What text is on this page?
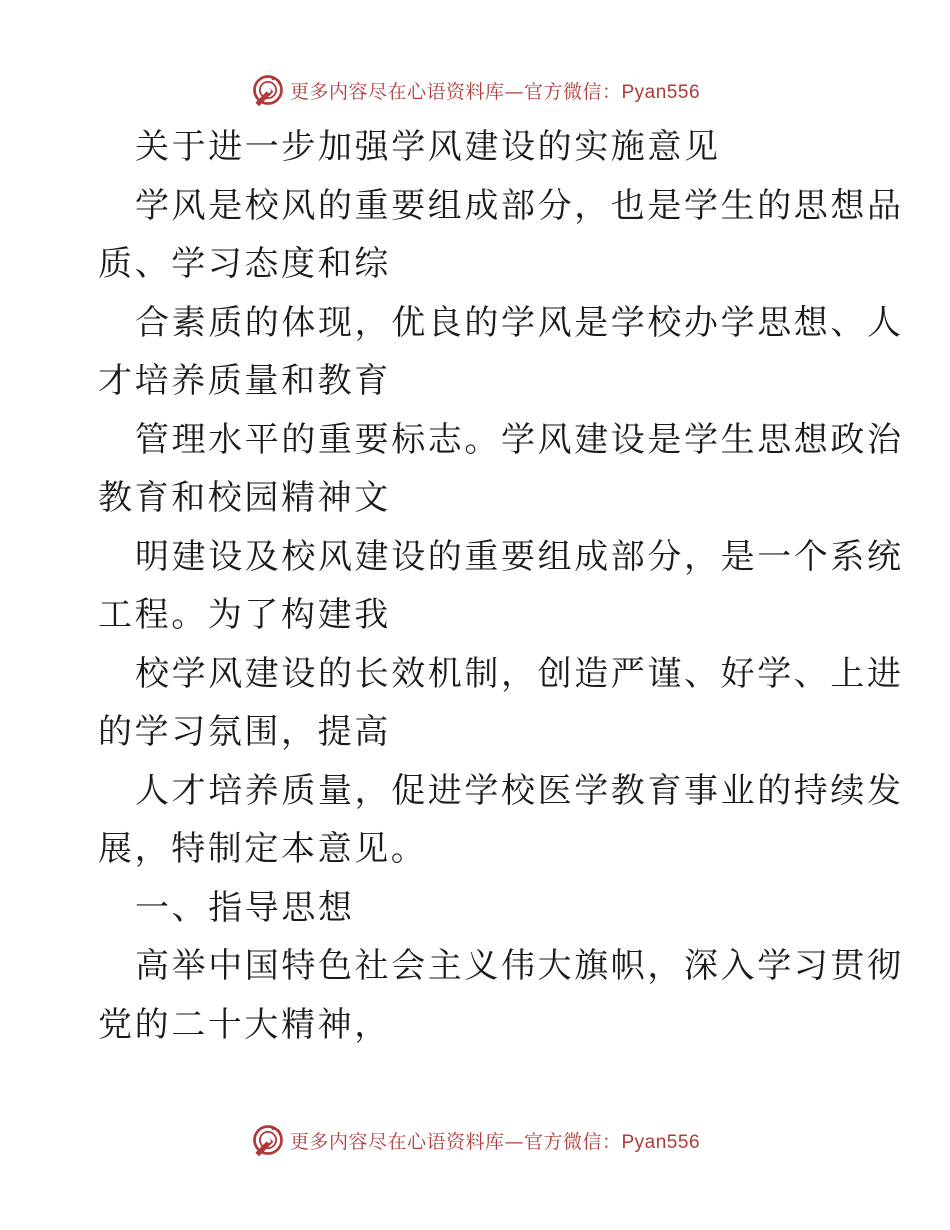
更多内容尽在心语资料库—官方微信：Pyan556
关于进一步加强学风建设的实施意见
学风是校风的重要组成部分，也是学生的思想品
质、学习态度和综
合素质的体现，优良的学风是学校办学思想、人
才培养质量和教育
管理水平的重要标志。学风建设是学生思想政治
教育和校园精神文
明建设及校风建设的重要组成部分，是一个系统
工程。为了构建我
校学风建设的长效机制，创造严谨、好学、上进
的学习氛围，提高
人才培养质量，促进学校医学教育事业的持续发
展，特制定本意见。
一、指导思想
高举中国特色社会主义伟大旗帜，深入学习贯彻
党的二十大精神，
更多内容尽在心语资料库—官方微信：Pyan556
